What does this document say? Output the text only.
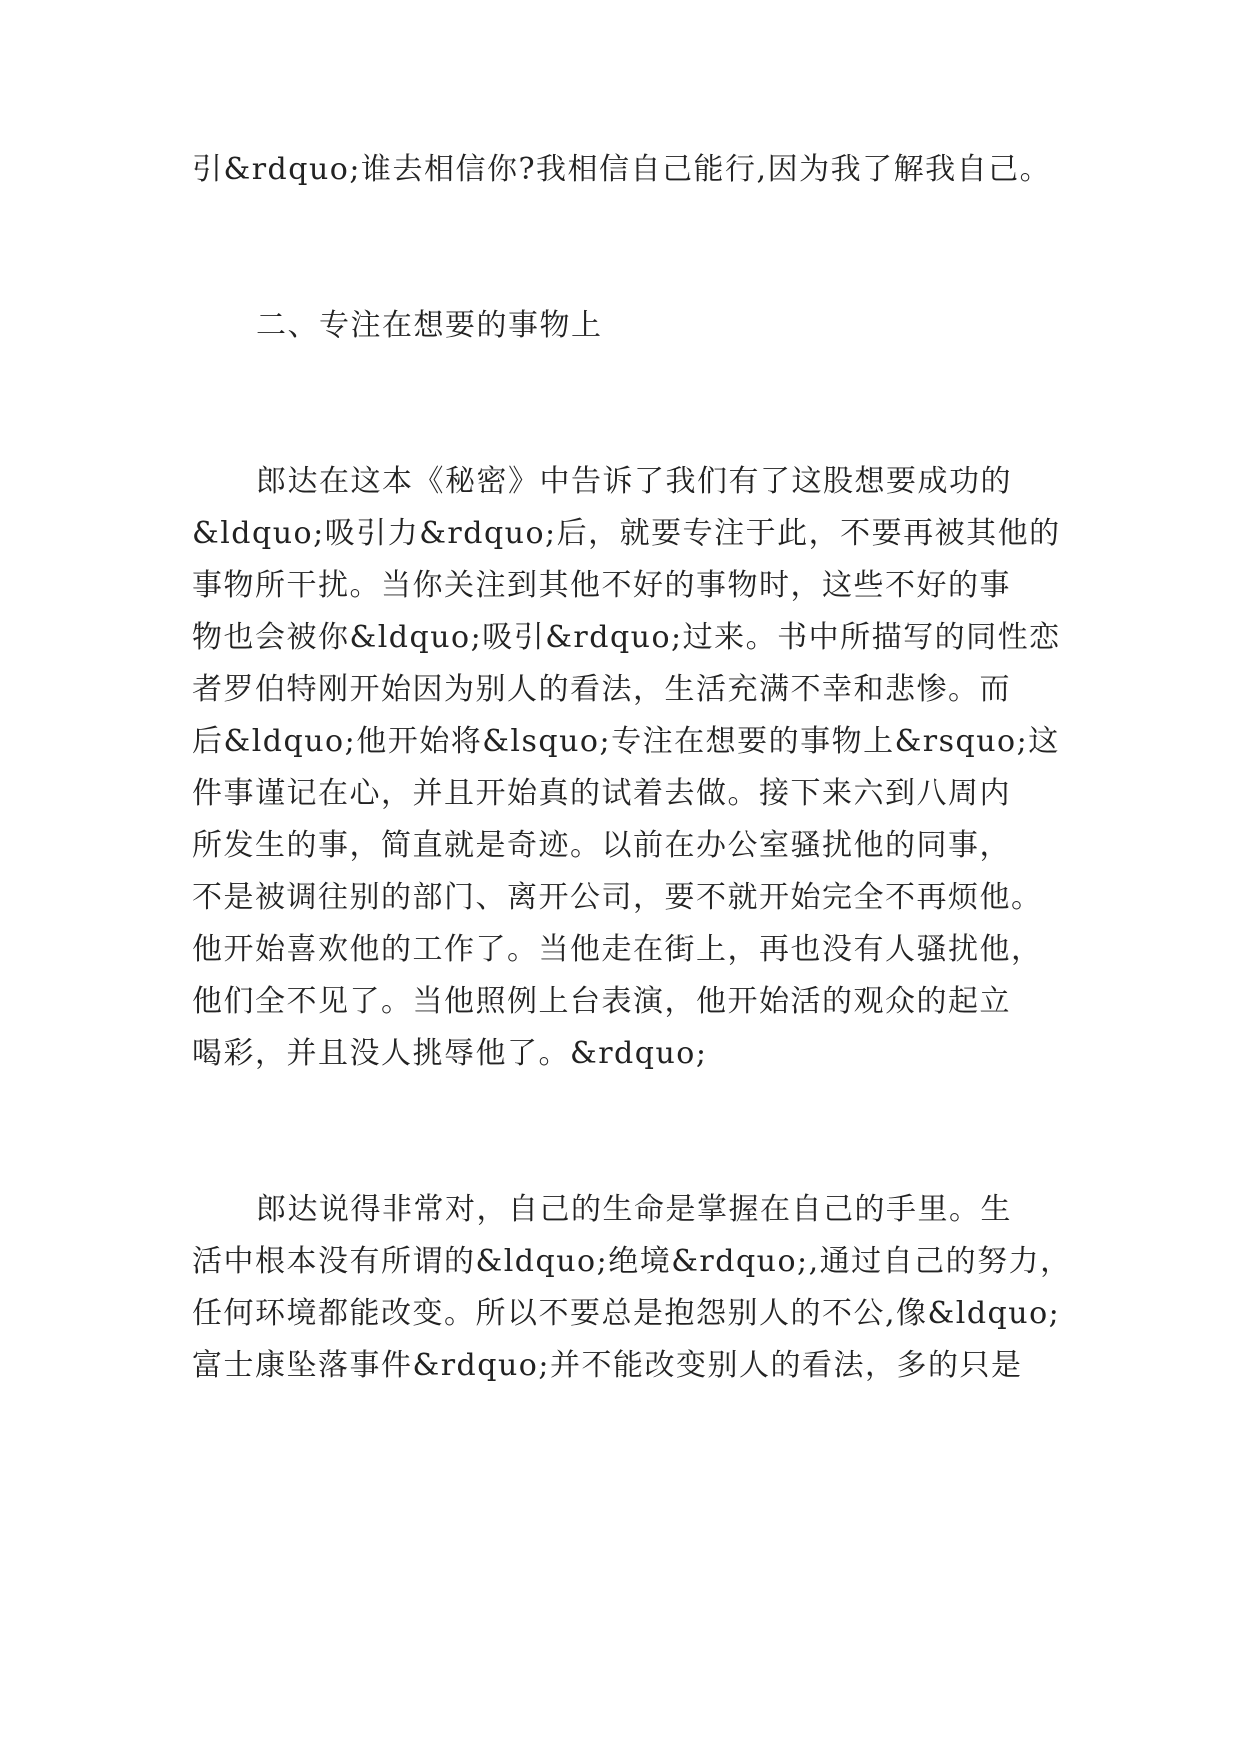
引&rdquo;谁去相信你?我相信自己能行,因为我了解我自己。
二、专注在想要的事物上
郎达在这本《秘密》中告诉了我们有了这股想要成功的
&ldquo;吸引力&rdquo;后，就要专注于此，不要再被其他的
事物所干扰。当你关注到其他不好的事物时，这些不好的事
物也会被你&ldquo;吸引&rdquo;过来。书中所描写的同性恋
者罗伯特刚开始因为别人的看法，生活充满不幸和悲惨。而
后&ldquo;他开始将&lsquo;专注在想要的事物上&rsquo;这
件事谨记在心，并且开始真的试着去做。接下来六到八周内
所发生的事，简直就是奇迹。以前在办公室骚扰他的同事，
不是被调往别的部门、离开公司，要不就开始完全不再烦他。
他开始喜欢他的工作了。当他走在街上，再也没有人骚扰他，
他们全不见了。当他照例上台表演，他开始活的观众的起立
喝彩，并且没人挑辱他了。&rdquo;
郎达说得非常对，自己的生命是掌握在自己的手里。生
活中根本没有所谓的&ldquo;绝境&rdquo;,通过自己的努力，
任何环境都能改变。所以不要总是抱怨别人的不公,像&ldquo;
富士康坠落事件&rdquo;并不能改变别人的看法，多的只是
